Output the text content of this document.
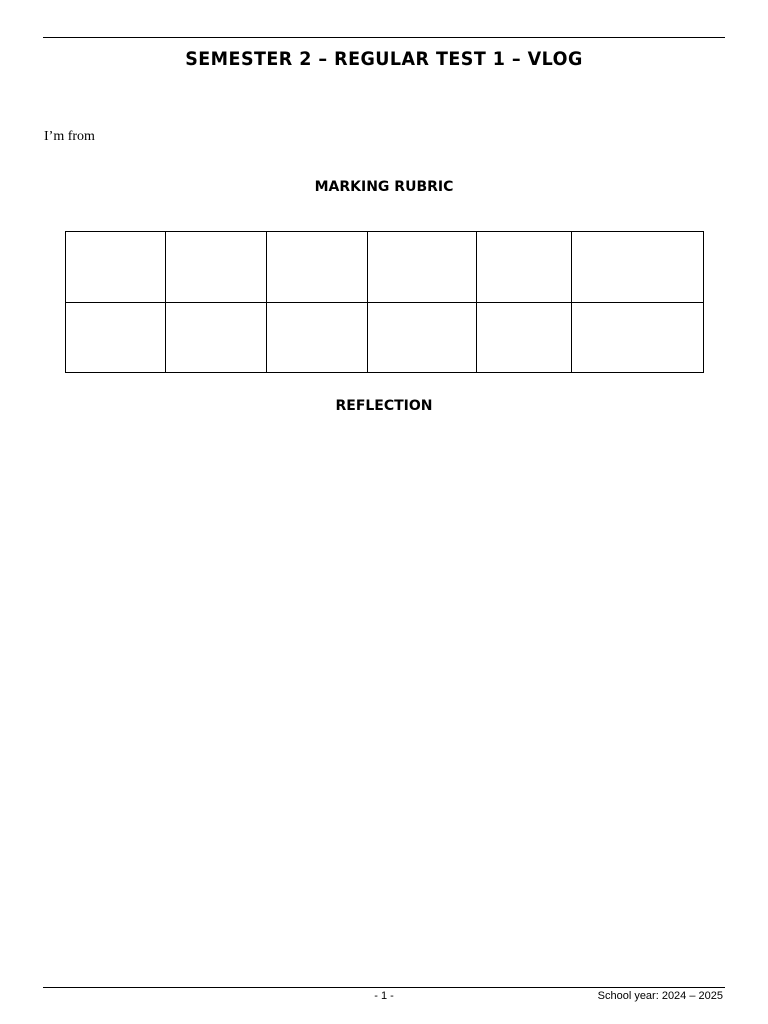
SEMESTER 2 – REGULAR TEST 1 – VLOG
I’m from
MARKING RUBRIC

REFLECTION
- 1 -	School year: 2024 – 2025
